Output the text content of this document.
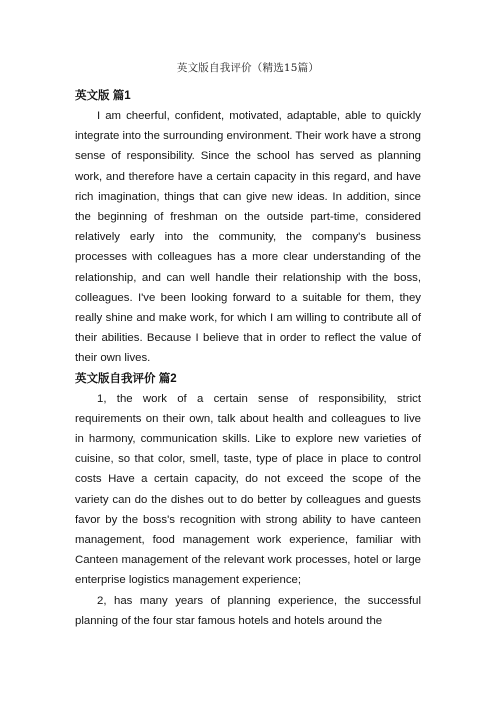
英文版自我评价（精选15篇）
英文版 篇1

I am cheerful, confident, motivated, adaptable, able to quickly integrate into the surrounding environment. Their work have a strong sense of responsibility. Since the school has served as planning work, and therefore have a certain capacity in this regard, and have rich imagination, things that can give new ideas. In addition, since the beginning of freshman on the outside part-time, considered relatively early into the community, the company's business processes with colleagues has a more clear understanding of the relationship, and can well handle their relationship with the boss, colleagues. I've been looking forward to a suitable for them, they really shine and make work, for which I am willing to contribute all of their abilities. Because I believe that in order to reflect the value of their own lives.

英文版自我评价 篇2

1, the work of a certain sense of responsibility, strict requirements on their own, talk about health and colleagues to live in harmony, communication skills. Like to explore new varieties of cuisine, so that color, smell, taste, type of place in place to control costs Have a certain capacity, do not exceed the scope of the variety can do the dishes out to do better by colleagues and guests favor by the boss's recognition with strong ability to have canteen management, food management work experience, familiar with Canteen management of the relevant work processes, hotel or large enterprise logistics management experience;

2, has many years of planning experience, the successful planning of the four star famous hotels and hotels around the
